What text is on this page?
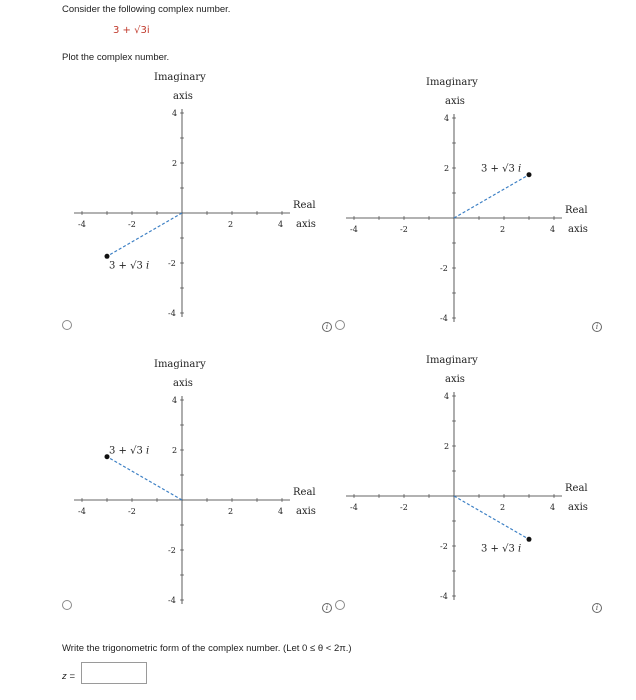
Consider the following complex number.
3 + √3i
Plot the complex number.
-4
-4
-2
-2
2
2
4
4
Imaginary
axis
Real
axis
3 + √3 i
i
-4
-4
-2
-2
2
2
4
4
Imaginary
axis
Real
axis
3 + √3 i
i
-4
-4
-2
-2
2
2
4
4
Imaginary
axis
Real
axis
3 + √3 i
i
-4
-4
-2
-2
2
2
4
4
Imaginary
axis
Real
axis
3 + √3 i
i
Write the trigonometric form of the complex number. (Let 0 ≤ θ < 2π.)
z =
